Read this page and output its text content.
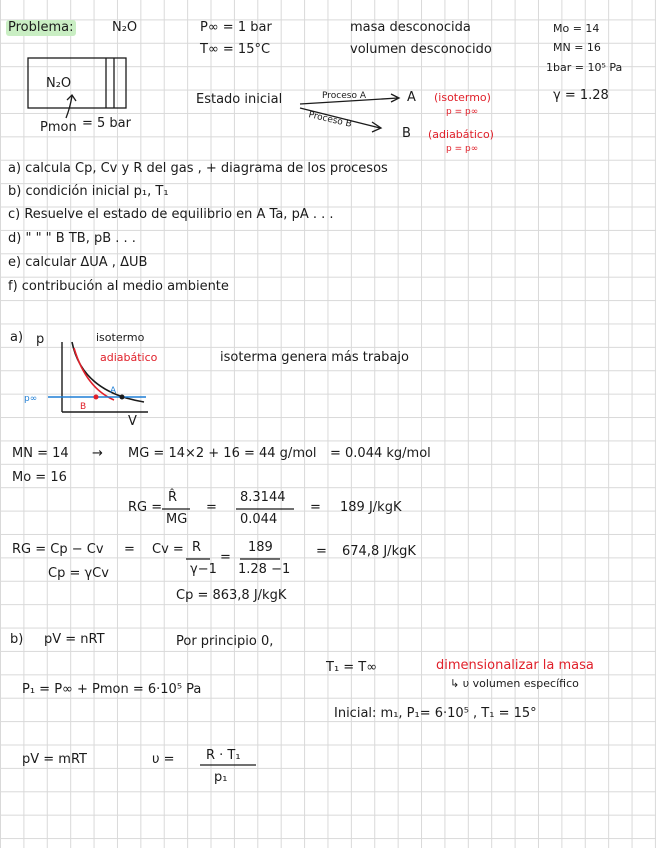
Problema:	N₂O	P∞ = 1 bar
T∞ = 15°C
masa desconocida
volumen desconocido
Mo = 14
MN = 16
1bar = 10⁵ Pa
γ = 1.28
N₂O
Pmon = 5 bar
Estado inicial	Proceso A
Proceso B
A
B
(isotermo)
p = p∞
(adiabático)
p = p∞
a) calcula Cp, Cv y R del gas , + diagrama de los procesos
b) condición inicial p₁, T₁
c) Resuelve el estado de equilibrio en A Ta, pA . . .
d) " " " B TB, pB . . .
e) calcular ΔUA , ΔUB
f) contribución al medio ambiente
a) p	isotermo
adiabático	isoterma genera más trabajo
p∞
A
B
V
MN = 14
Mo = 16
→ MG = 14×2 + 16 = 44 g/mol = 0.044 kg/mol
RG =
R̂
MG
=
8.3144
0.044
= 189 J/kgK
RG = Cp − Cv
Cp = γCv
= Cv = R
γ−1
=
189
1.28 −1
= 674,8 J/kgK
Cp = 863,8 J/kgK
b) pV = nRT	Por principio 0,
T₁ = T∞	dimensionalizar la masa
↳ υ volumen específico
P₁ = P∞ + Pmon = 6·10⁵ Pa
Inicial: m₁, P₁= 6·10⁵ , T₁ = 15°
pV = mRT	υ = R · T₁
p₁
